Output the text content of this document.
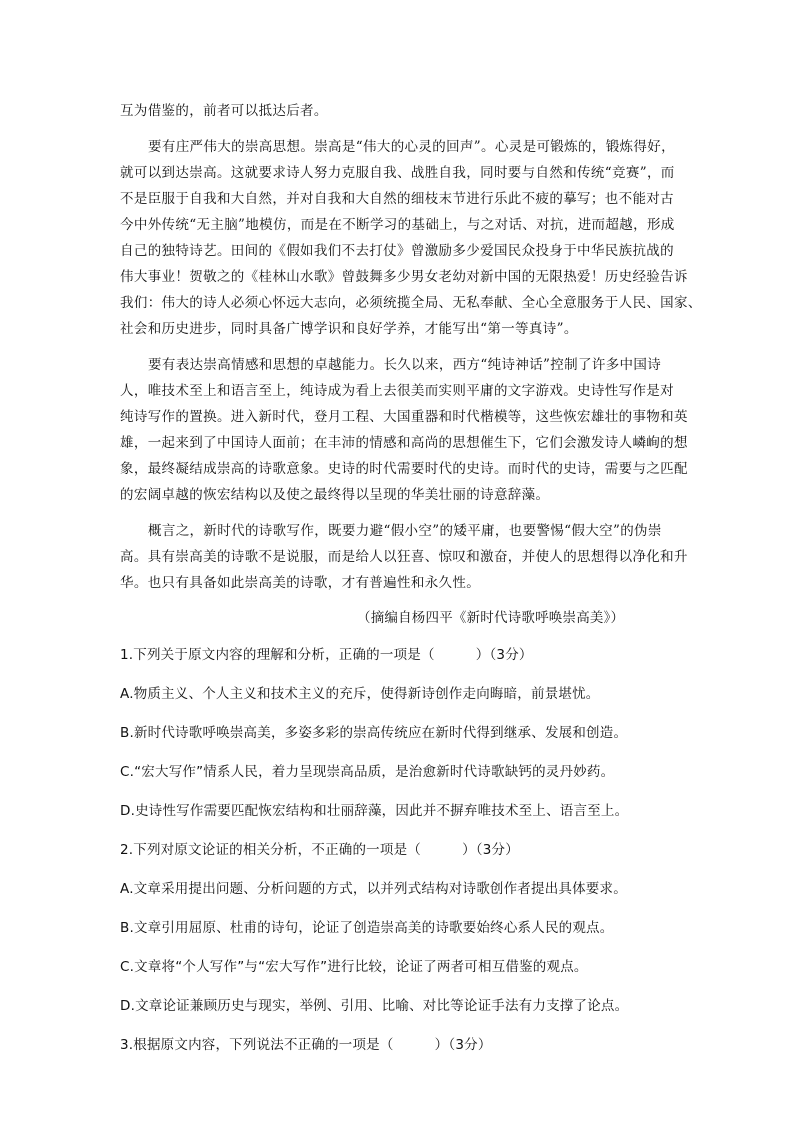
互为借鉴的，前者可以抵达后者。
要有庄严伟大的崇高思想。崇高是“伟大的心灵的回声”。心灵是可锻炼的，锻炼得好，
就可以到达崇高。这就要求诗人努力克服自我、战胜自我，同时要与自然和传统“竞赛”，而
不是臣服于自我和大自然，并对自我和大自然的细枝末节进行乐此不疲的摹写；也不能对古
今中外传统“无主脑”地模仿，而是在不断学习的基础上，与之对话、对抗，进而超越，形成
自己的独特诗艺。田间的《假如我们不去打仗》曾激励多少爱国民众投身于中华民族抗战的
伟大事业！贺敬之的《桂林山水歌》曾鼓舞多少男女老幼对新中国的无限热爱！历史经验告诉
我们：伟大的诗人必须心怀远大志向，必须统揽全局、无私奉献、全心全意服务于人民、国家、
社会和历史进步，同时具备广博学识和良好学养，才能写出“第一等真诗”。
要有表达崇高情感和思想的卓越能力。长久以来，西方“纯诗神话”控制了许多中国诗
人，唯技术至上和语言至上，纯诗成为看上去很美而实则平庸的文字游戏。史诗性写作是对
纯诗写作的置换。进入新时代，登月工程、大国重器和时代楷模等，这些恢宏雄壮的事物和英
雄，一起来到了中国诗人面前；在丰沛的情感和高尚的思想催生下，它们会激发诗人嶙峋的想
象，最终凝结成崇高的诗歌意象。史诗的时代需要时代的史诗。而时代的史诗，需要与之匹配
的宏阔卓越的恢宏结构以及使之最终得以呈现的华美壮丽的诗意辞藻。
概言之，新时代的诗歌写作，既要力避“假小空”的矮平庸，也要警惕“假大空”的伪崇
高。具有崇高美的诗歌不是说服，而是给人以狂喜、惊叹和激奋，并使人的思想得以净化和升
华。也只有具备如此崇高美的诗歌，才有普遍性和永久性。
（摘编自杨四平《新时代诗歌呼唤崇高美》）
1.下列关于原文内容的理解和分析，正确的一项是（　　　）（3分）
A.物质主义、个人主义和技术主义的充斥，使得新诗创作走向晦暗，前景堪忧。
B.新时代诗歌呼唤崇高美，多姿多彩的崇高传统应在新时代得到继承、发展和创造。
C.“宏大写作”情系人民，着力呈现崇高品质，是治愈新时代诗歌缺钙的灵丹妙药。
D.史诗性写作需要匹配恢宏结构和壮丽辞藻，因此并不摒弃唯技术至上、语言至上。
2.下列对原文论证的相关分析，不正确的一项是（　　　）（3分）
A.文章采用提出问题、分析问题的方式，以并列式结构对诗歌创作者提出具体要求。
B.文章引用屈原、杜甫的诗句，论证了创造崇高美的诗歌要始终心系人民的观点。
C.文章将“个人写作”与“宏大写作”进行比较，论证了两者可相互借鉴的观点。
D.文章论证兼顾历史与现实，举例、引用、比喻、对比等论证手法有力支撑了论点。
3.根据原文内容，下列说法不正确的一项是（　　　）（3分）
